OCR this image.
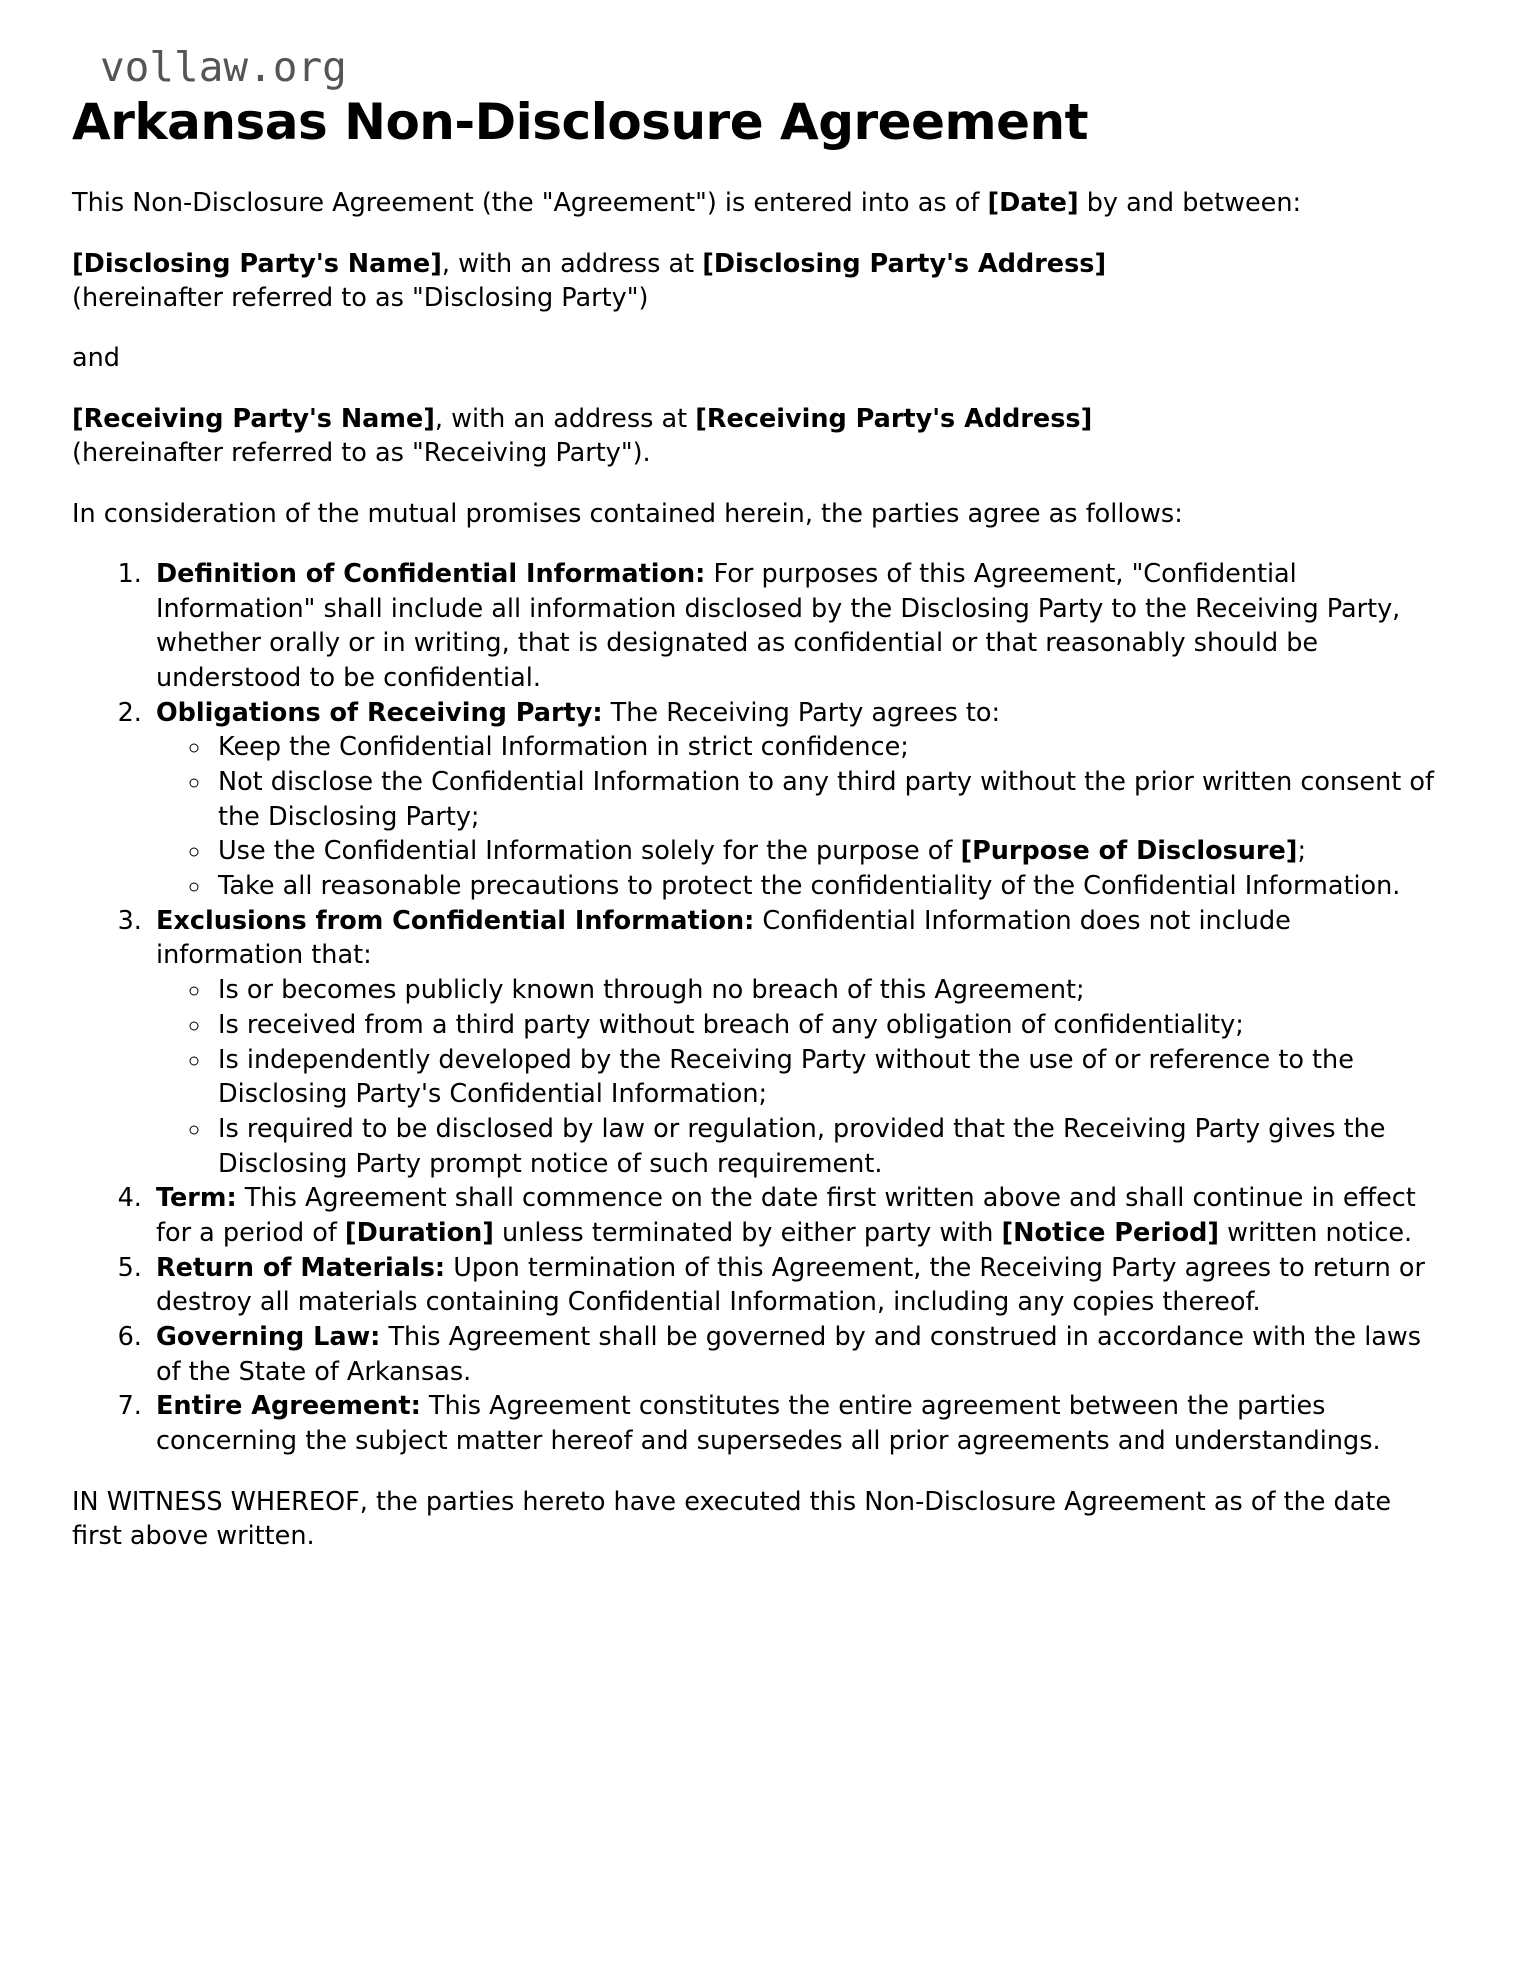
vollaw.org
Arkansas Non-Disclosure Agreement

This Non-Disclosure Agreement (the "Agreement") is entered into as of [Date] by and between:

[Disclosing Party's Name], with an address at [Disclosing Party's Address]
(hereinafter referred to as "Disclosing Party")

and

[Receiving Party's Name], with an address at [Receiving Party's Address]
(hereinafter referred to as "Receiving Party").

In consideration of the mutual promises contained herein, the parties agree as follows:

1. Definition of Confidential Information: For purposes of this Agreement, "Confidential Information" shall include all information disclosed by the Disclosing Party to the Receiving Party, whether orally or in writing, that is designated as confidential or that reasonably should be understood to be confidential.
2. Obligations of Receiving Party: The Receiving Party agrees to:
◦ Keep the Confidential Information in strict confidence;
◦ Not disclose the Confidential Information to any third party without the prior written consent of the Disclosing Party;
◦ Use the Confidential Information solely for the purpose of [Purpose of Disclosure];
◦ Take all reasonable precautions to protect the confidentiality of the Confidential Information.
3. Exclusions from Confidential Information: Confidential Information does not include information that:
◦ Is or becomes publicly known through no breach of this Agreement;
◦ Is received from a third party without breach of any obligation of confidentiality;
◦ Is independently developed by the Receiving Party without the use of or reference to the Disclosing Party's Confidential Information;
◦ Is required to be disclosed by law or regulation, provided that the Receiving Party gives the Disclosing Party prompt notice of such requirement.
4. Term: This Agreement shall commence on the date first written above and shall continue in effect for a period of [Duration] unless terminated by either party with [Notice Period] written notice.
5. Return of Materials: Upon termination of this Agreement, the Receiving Party agrees to return or destroy all materials containing Confidential Information, including any copies thereof.
6. Governing Law: This Agreement shall be governed by and construed in accordance with the laws of the State of Arkansas.
7. Entire Agreement: This Agreement constitutes the entire agreement between the parties concerning the subject matter hereof and supersedes all prior agreements and understandings.

IN WITNESS WHEREOF, the parties hereto have executed this Non-Disclosure Agreement as of the date first above written.
